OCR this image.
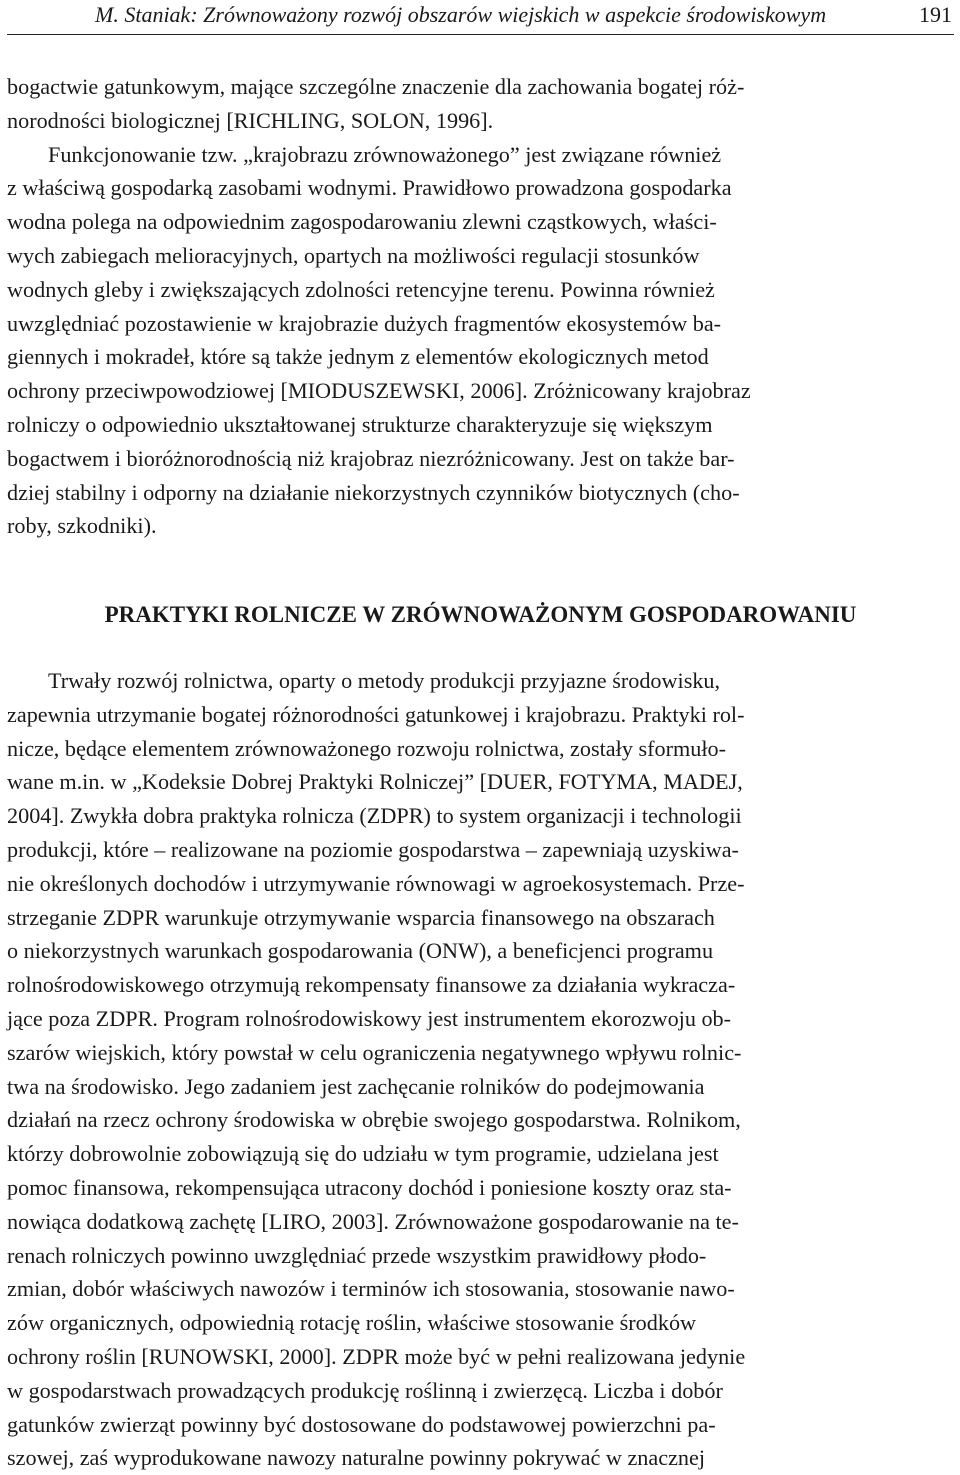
M. Staniak: Zrównoważony rozwój obszarów wiejskich w aspekcie środowiskowym	191
bogactwie gatunkowym, mające szczególne znaczenie dla zachowania bogatej róż-
norodności biologicznej [RICHLING, SOLON, 1996].
Funkcjonowanie tzw. „krajobrazu zrównoważonego” jest związane również
z właściwą gospodarką zasobami wodnymi. Prawidłowo prowadzona gospodarka
wodna polega na odpowiednim zagospodarowaniu zlewni cząstkowych, właści-
wych zabiegach melioracyjnych, opartych na możliwości regulacji stosunków
wodnych gleby i zwiększających zdolności retencyjne terenu. Powinna również
uwzględniać pozostawienie w krajobrazie dużych fragmentów ekosystemów ba-
giennych i mokradeł, które są także jednym z elementów ekologicznych metod
ochrony przeciwpowodziowej [MIODUSZEWSKI, 2006]. Zróżnicowany krajobraz
rolniczy o odpowiednio ukształtowanej strukturze charakteryzuje się większym
bogactwem i bioróżnorodnością niż krajobraz niezróżnicowany. Jest on także bar-
dziej stabilny i odporny na działanie niekorzystnych czynników biotycznych (cho-
roby, szkodniki).
PRAKTYKI ROLNICZE W ZRÓWNOWAŻONYM GOSPODAROWANIU
Trwały rozwój rolnictwa, oparty o metody produkcji przyjazne środowisku,
zapewnia utrzymanie bogatej różnorodności gatunkowej i krajobrazu. Praktyki rol-
nicze, będące elementem zrównoważonego rozwoju rolnictwa, zostały sformuło-
wane m.in. w „Kodeksie Dobrej Praktyki Rolniczej” [DUER, FOTYMA, MADEJ,
2004]. Zwykła dobra praktyka rolnicza (ZDPR) to system organizacji i technologii
produkcji, które – realizowane na poziomie gospodarstwa – zapewniają uzyskiwa-
nie określonych dochodów i utrzymywanie równowagi w agroekosystemach. Prze-
strzeganie ZDPR warunkuje otrzymywanie wsparcia finansowego na obszarach
o niekorzystnych warunkach gospodarowania (ONW), a beneficjenci programu
rolnośrodowiskowego otrzymują rekompensaty finansowe za działania wykracza-
jące poza ZDPR. Program rolnośrodowiskowy jest instrumentem ekorozwoju ob-
szarów wiejskich, który powstał w celu ograniczenia negatywnego wpływu rolnic-
twa na środowisko. Jego zadaniem jest zachęcanie rolników do podejmowania
działań na rzecz ochrony środowiska w obrębie swojego gospodarstwa. Rolnikom,
którzy dobrowolnie zobowiązują się do udziału w tym programie, udzielana jest
pomoc finansowa, rekompensująca utracony dochód i poniesione koszty oraz sta-
nowiąca dodatkową zachętę [LIRO, 2003]. Zrównoważone gospodarowanie na te-
renach rolniczych powinno uwzględniać przede wszystkim prawidłowy płodo-
zmian, dobór właściwych nawozów i terminów ich stosowania, stosowanie nawo-
zów organicznych, odpowiednią rotację roślin, właściwe stosowanie środków
ochrony roślin [RUNOWSKI, 2000]. ZDPR może być w pełni realizowana jedynie
w gospodarstwach prowadzących produkcję roślinną i zwierzęcą. Liczba i dobór
gatunków zwierząt powinny być dostosowane do podstawowej powierzchni pa-
szowej, zaś wyprodukowane nawozy naturalne powinny pokrywać w znacznej
